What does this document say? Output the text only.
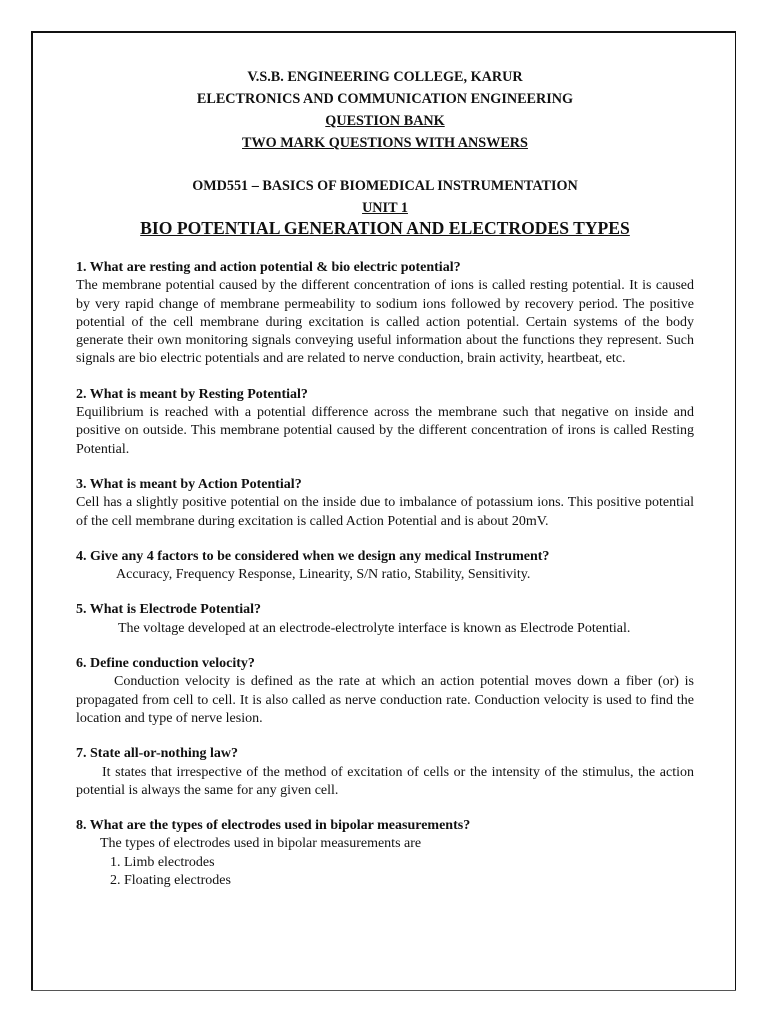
V.S.B. ENGINEERING COLLEGE, KARUR
ELECTRONICS AND COMMUNICATION ENGINEERING
QUESTION BANK
TWO MARK QUESTIONS WITH ANSWERS
OMD551 – BASICS OF BIOMEDICAL INSTRUMENTATION
UNIT 1
BIO POTENTIAL GENERATION AND ELECTRODES TYPES
1. What are resting and action potential & bio electric potential?
The membrane potential caused by the different concentration of ions is called resting potential. It is caused by very rapid change of membrane permeability to sodium ions followed by recovery period. The positive potential of the cell membrane during excitation is called action potential. Certain systems of the body generate their own monitoring signals conveying useful information about the functions they represent. Such signals are bio electric potentials and are related to nerve conduction, brain activity, heartbeat, etc.
2. What is meant by Resting Potential?
Equilibrium is reached with a potential difference across the membrane such that negative on inside and positive on outside. This membrane potential caused by the different concentration of irons is called Resting Potential.
3. What is meant by Action Potential?
Cell has a slightly positive potential on the inside due to imbalance of potassium ions. This positive potential of the cell membrane during excitation is called Action Potential and is about 20mV.
4. Give any 4 factors to be considered when we design any medical Instrument?
Accuracy, Frequency Response, Linearity, S/N ratio, Stability, Sensitivity.
5. What is Electrode Potential?
The voltage developed at an electrode-electrolyte interface is known as Electrode Potential.
6. Define conduction velocity?
Conduction velocity is defined as the rate at which an action potential moves down a fiber (or) is propagated from cell to cell. It is also called as nerve conduction rate. Conduction velocity is used to find the location and type of nerve lesion.
7. State all-or-nothing law?
It states that irrespective of the method of excitation of cells or the intensity of the stimulus, the action potential is always the same for any given cell.
8. What are the types of electrodes used in bipolar measurements?
The types of electrodes used in bipolar measurements are
1. Limb electrodes
2. Floating electrodes
